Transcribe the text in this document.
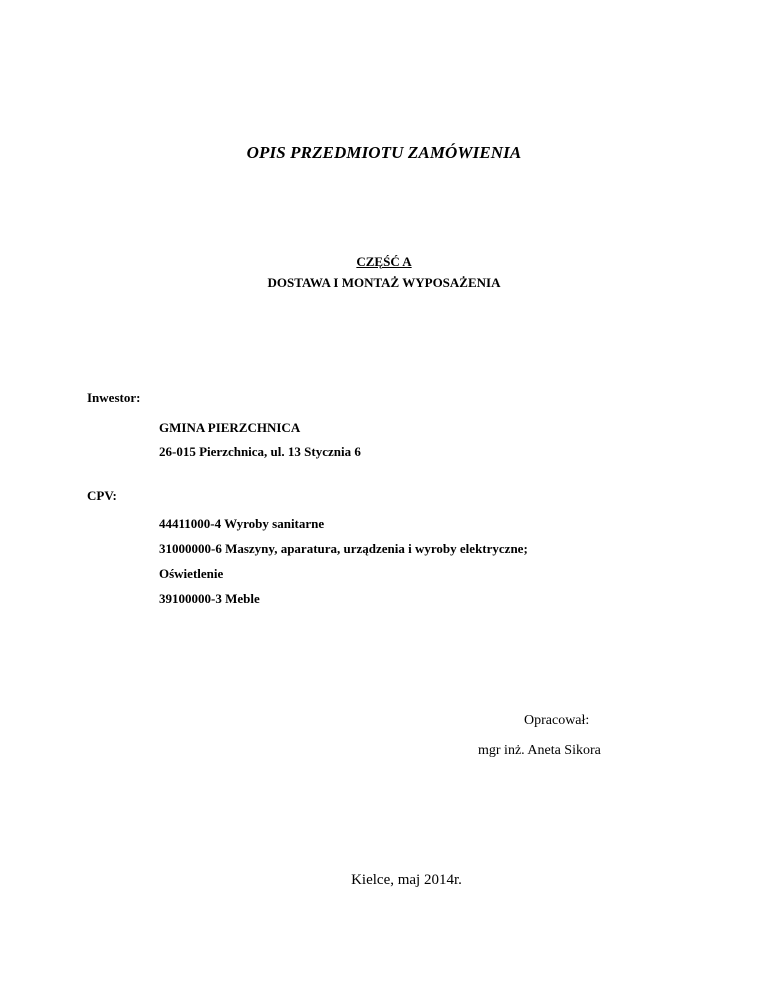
OPIS PRZEDMIOTU ZAMÓWIENIA
CZĘŚĆ A
DOSTAWA I MONTAŻ WYPOSAŻENIA
Inwestor:
GMINA PIERZCHNICA
26-015 Pierzchnica, ul. 13 Stycznia 6
CPV:
44411000-4 Wyroby sanitarne
31000000-6 Maszyny, aparatura, urządzenia i wyroby elektryczne;
Oświetlenie
39100000-3 Meble
Opracował:
mgr inż. Aneta Sikora
Kielce, maj 2014r.
